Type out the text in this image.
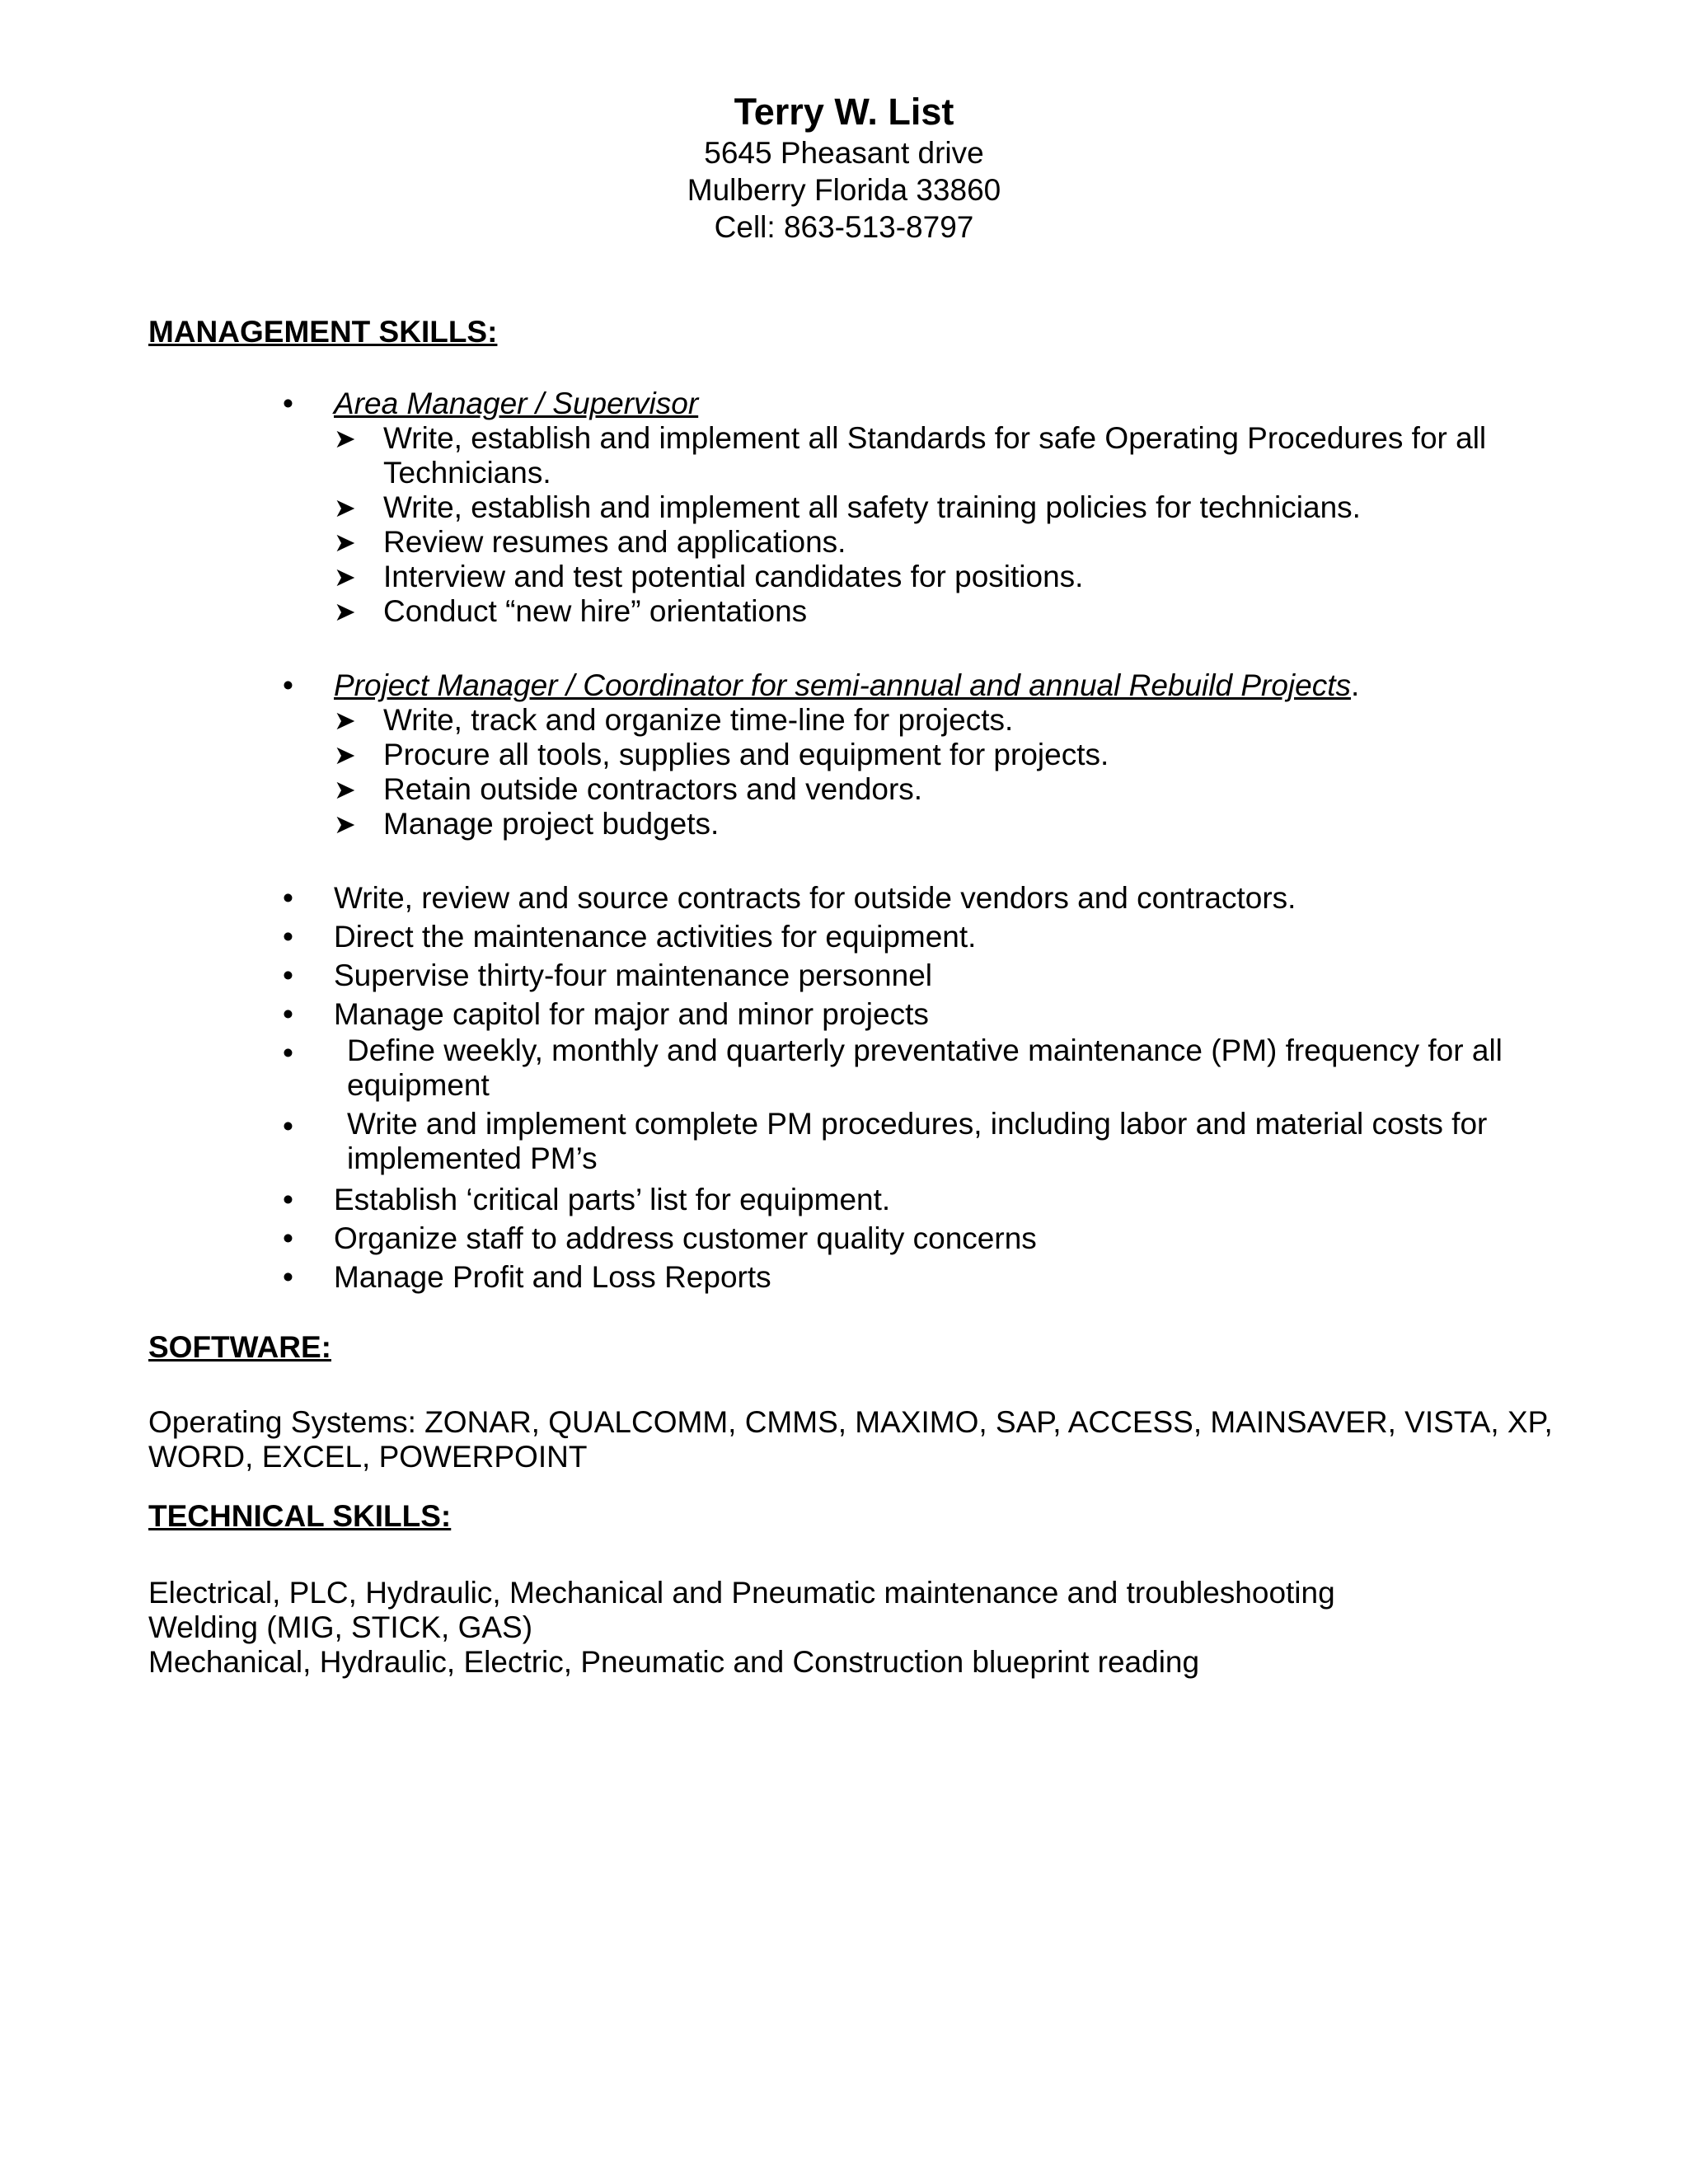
Terry W. List
5645 Pheasant drive
Mulberry Florida 33860
Cell: 863-513-8797
MANAGEMENT SKILLS:
•	Area Manager / Supervisor
➤ Write, establish and implement all Standards for safe Operating Procedures for all Technicians.
➤ Write, establish and implement all safety training policies for technicians.
➤ Review resumes and applications.
➤ Interview and test potential candidates for positions.
➤ Conduct “new hire” orientations
•	Project Manager / Coordinator for semi-annual and annual Rebuild Projects.
➤ Write, track and organize time-line for projects.
➤ Procure all tools, supplies and equipment for projects.
➤ Retain outside contractors and vendors.
➤ Manage project budgets.
•	Write, review and source contracts for outside vendors and contractors.
•	Direct the maintenance activities for equipment.
•	Supervise thirty-four maintenance personnel
•	Manage capitol for major and minor projects
•	Define weekly, monthly and quarterly preventative maintenance (PM) frequency for all equipment
•	Write and implement complete PM procedures, including labor and material costs for implemented PM’s
•	Establish ‘critical parts’ list for equipment.
•	Organize staff to address customer quality concerns
•	Manage Profit and Loss Reports
SOFTWARE:
Operating Systems: ZONAR, QUALCOMM, CMMS, MAXIMO, SAP, ACCESS, MAINSAVER, VISTA, XP, WORD, EXCEL, POWERPOINT
TECHNICAL SKILLS:
Electrical, PLC, Hydraulic, Mechanical and Pneumatic maintenance and troubleshooting
Welding (MIG, STICK, GAS)
Mechanical, Hydraulic, Electric, Pneumatic and Construction blueprint reading
